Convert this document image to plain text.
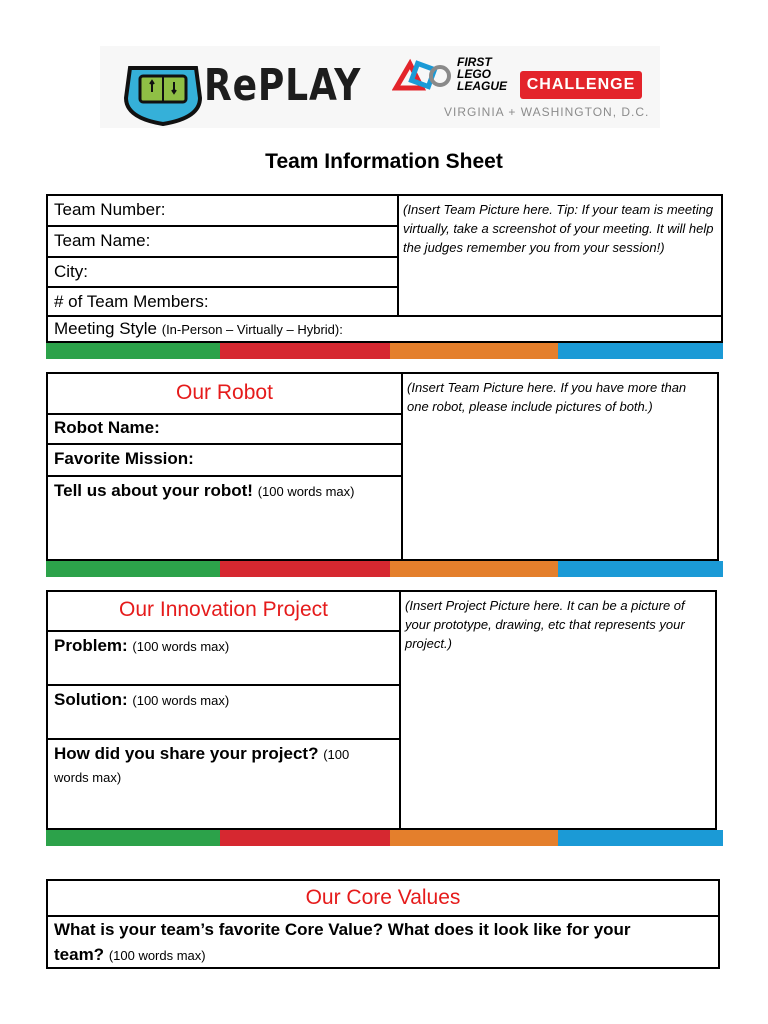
RePLAY	FIRST LEGO LEAGUE	CHALLENGE
VIRGINIA + WASHINGTON, D.C.
Team Information Sheet
Team Number:
Team Name:
City:
# of Team Members:
(Insert Team Picture here. Tip: If your team is meeting virtually, take a screenshot of your meeting. It will help the judges remember you from your session!)
Meeting Style (In-Person – Virtually – Hybrid):
Our Robot
Robot Name:
Favorite Mission:
Tell us about your robot! (100 words max)
(Insert Team Picture here. If you have more than one robot, please include pictures of both.)
Our Innovation Project
Problem: (100 words max)
Solution: (100 words max)
How did you share your project? (100
words max)
(Insert Project Picture here. It can be a picture of your prototype, drawing, etc that represents your project.)
Our Core Values
What is your team’s favorite Core Value? What does it look like for your
team? (100 words max)
